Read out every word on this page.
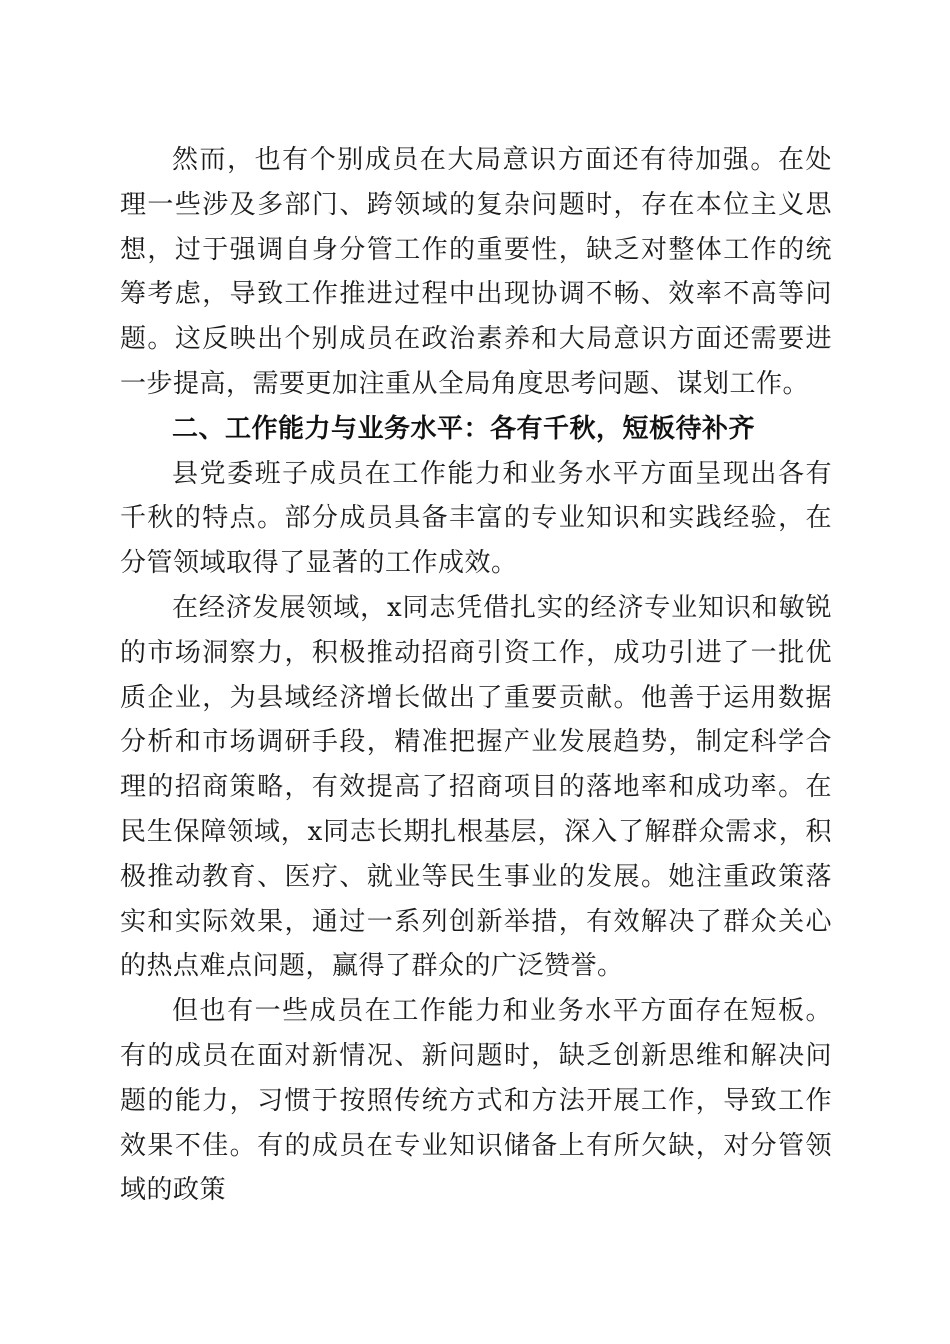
然而，也有个别成员在大局意识方面还有待加强。在处理一些涉及多部门、跨领域的复杂问题时，存在本位主义思想，过于强调自身分管工作的重要性，缺乏对整体工作的统筹考虑，导致工作推进过程中出现协调不畅、效率不高等问题。这反映出个别成员在政治素养和大局意识方面还需要进一步提高，需要更加注重从全局角度思考问题、谋划工作。

二、工作能力与业务水平：各有千秋，短板待补齐

县党委班子成员在工作能力和业务水平方面呈现出各有千秋的特点。部分成员具备丰富的专业知识和实践经验，在分管领域取得了显著的工作成效。

在经济发展领域，x同志凭借扎实的经济专业知识和敏锐的市场洞察力，积极推动招商引资工作，成功引进了一批优质企业，为县域经济增长做出了重要贡献。他善于运用数据分析和市场调研手段，精准把握产业发展趋势，制定科学合理的招商策略，有效提高了招商项目的落地率和成功率。在民生保障领域，x同志长期扎根基层，深入了解群众需求，积极推动教育、医疗、就业等民生事业的发展。她注重政策落实和实际效果，通过一系列创新举措，有效解决了群众关心的热点难点问题，赢得了群众的广泛赞誉。

但也有一些成员在工作能力和业务水平方面存在短板。有的成员在面对新情况、新问题时，缺乏创新思维和解决问题的能力，习惯于按照传统方式和方法开展工作，导致工作效果不佳。有的成员在专业知识储备上有所欠缺，对分管领域的政策
